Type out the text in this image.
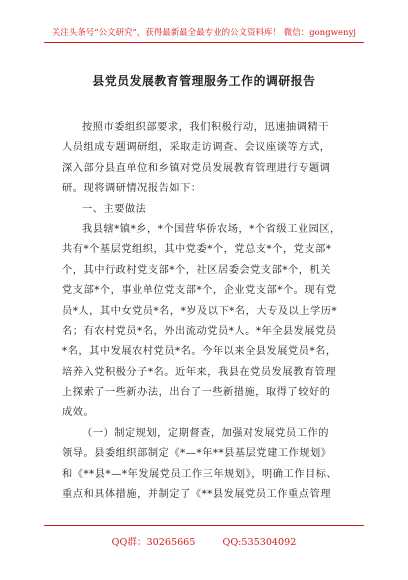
关注头条号“公文研究”，获得最新最全最专业的公文资料库！ 微信：gongwenyj
县党员发展教育管理服务工作的调研报告
按照市委组织部要求，我们积极行动，迅速抽调精干
人员组成专题调研组，采取走访调查、会议座谈等方式，
深入部分县直单位和乡镇对党员发展教育管理进行专题调
研。现将调研情况报告如下：
一、主要做法
我县辖*镇*乡，*个国营华侨农场，*个省级工业园区，
共有*个基层党组织，其中党委*个，党总支*个，党支部*
个，其中行政村党支部*个，社区居委会党支部*个，机关
党支部*个，事业单位党支部*个，企业党支部*个。现有党
员*人，其中女党员*名，*岁及以下*名，大专及以上学历*
名；有农村党员*名，外出流动党员*人。*年全县发展党员
*名，其中发展农村党员*名。今年以来全县发展党员*名，
培养入党积极分子*名。近年来，我县在党员发展教育管理
上探索了一些新办法，出台了一些新措施，取得了较好的
成效。
（一）制定规划，定期督查，加强对发展党员工作的
领导。县委组织部制定《*—*年**县基层党建工作规划》
和《**县*—*年发展党员工作三年规划》，明确工作目标、
重点和具体措施，并制定了《**县发展党员工作重点管理
QQ群：30265665	QQ:535304092
